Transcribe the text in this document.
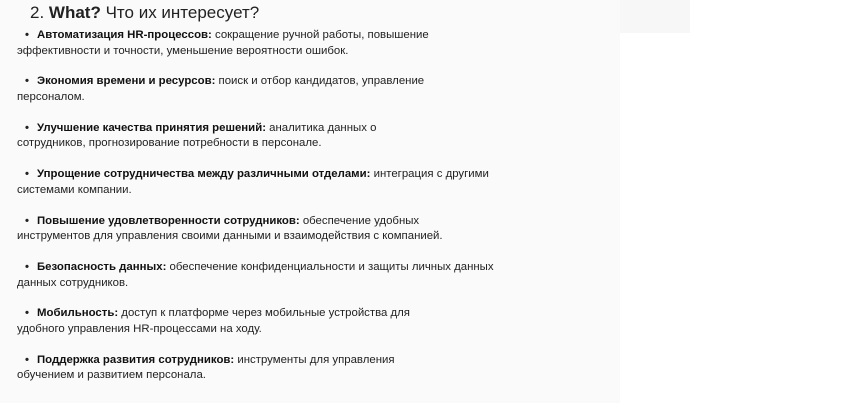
2. What? Что их интересует?
• Автоматизация HR-процессов: сокращение ручной работы, повышение
эффективности и точности, уменьшение вероятности ошибок.
• Экономия времени и ресурсов: поиск и отбор кандидатов, управление
персоналом.
• Улучшение качества принятия решений: аналитика данных о
сотрудников, прогнозирование потребности в персонале.
• Упрощение сотрудничества между различными отделами: интеграция с другими
системами компании.
• Повышение удовлетворенности сотрудников: обеспечение удобных
инструментов для управления своими данными и взаимодействия с компанией.
• Безопасность данных: обеспечение конфиденциальности и защиты личных данных
данных сотрудников.
• Мобильность: доступ к платформе через мобильные устройства для
удобного управления HR-процессами на ходу.
• Поддержка развития сотрудников: инструменты для управления
обучением и развитием персонала.
